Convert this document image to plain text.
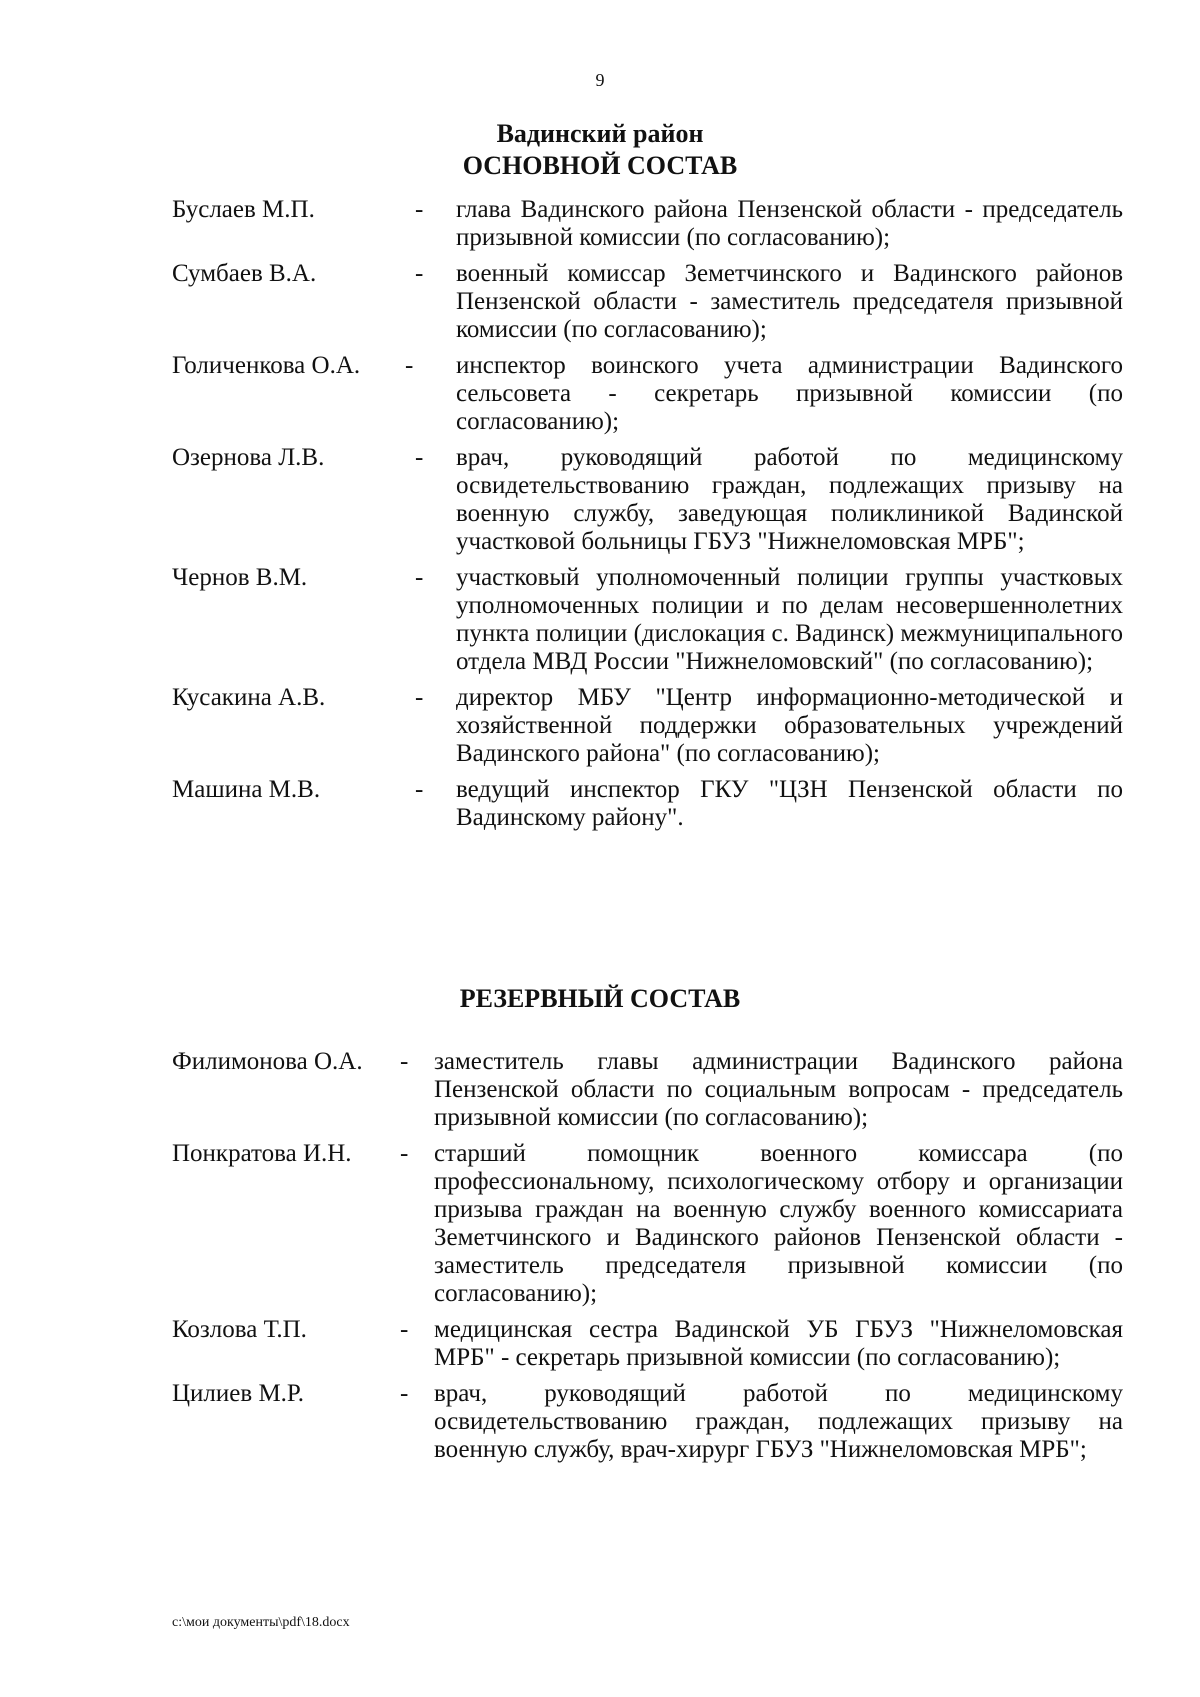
9
Вадинский район
ОСНОВНОЙ СОСТАВ
Буслаев М.П.	- глава Вадинского района Пензенской области - председатель призывной комиссии (по согласованию);
Сумбаев В.А.	- военный комиссар Земетчинского и Вадинского районов Пензенской области - заместитель председателя призывной комиссии (по согласованию);
Голиченкова О.А. - инспектор воинского учета администрации Вадинского сельсовета - секретарь призывной комиссии (по согласованию);
Озернова Л.В.	- врач, руководящий работой по медицинскому освидетельствованию граждан, подлежащих призыву на военную службу, заведующая поликлиникой Вадинской участковой больницы ГБУЗ "Нижнеломовская МРБ";
Чернов В.М.	- участковый уполномоченный полиции группы участковых уполномоченных полиции и по делам несовершеннолетних пункта полиции (дислокация с. Вадинск) межмуниципального отдела МВД России "Нижнеломовский" (по согласованию);
Кусакина А.В.	- директор МБУ "Центр информационно-методической и хозяйственной поддержки образовательных учреждений Вадинского района" (по согласованию);
Машина М.В.	- ведущий инспектор ГКУ "ЦЗН Пензенской области по Вадинскому району".
РЕЗЕРВНЫЙ СОСТАВ
Филимонова О.А. - заместитель главы администрации Вадинского района Пензенской области по социальным вопросам - председатель призывной комиссии (по согласованию);
Понкратова И.Н. - старший помощник военного комиссара (по профессиональному, психологическому отбору и организации призыва граждан на военную службу военного комиссариата Земетчинского и Вадинского районов Пензенской области - заместитель председателя призывной комиссии (по согласованию);
Козлова Т.П.	- медицинская сестра Вадинской УБ ГБУЗ "Нижнеломовская МРБ" - секретарь призывной комиссии (по согласованию);
Цилиев М.Р.	- врач, руководящий работой по медицинскому освидетельствованию граждан, подлежащих призыву на военную службу, врач-хирург ГБУЗ "Нижнеломовская МРБ";
c:\мои документы\pdf\18.docx
